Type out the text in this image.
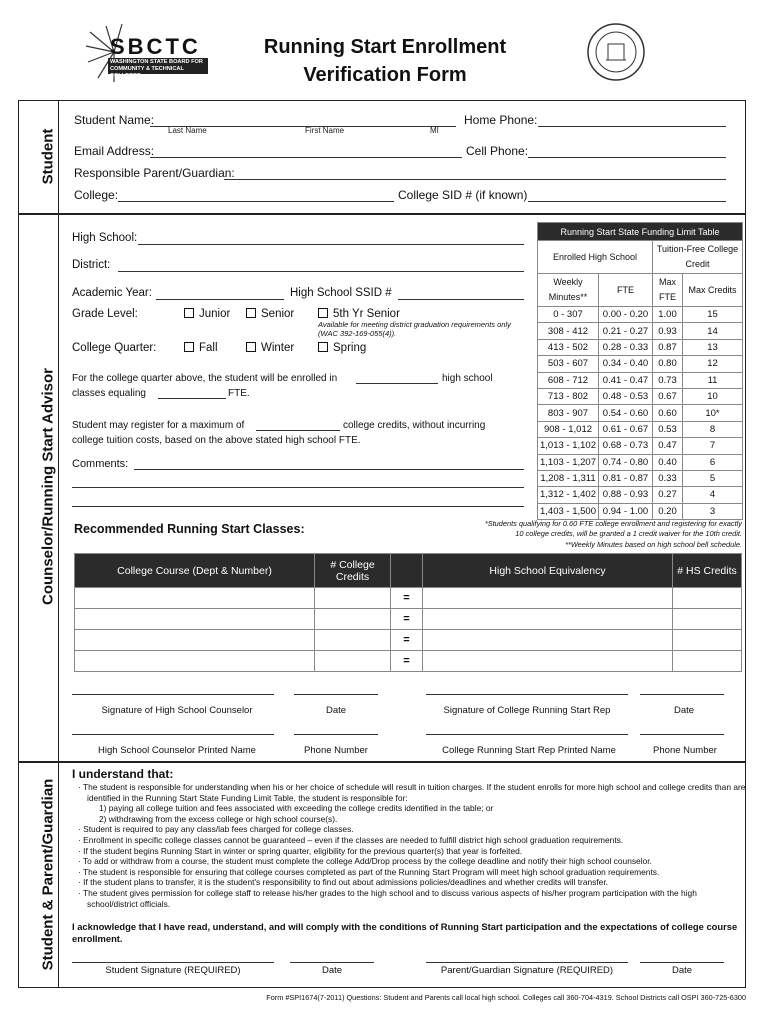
SBCTC
WASHINGTON STATE BOARD FOR COMMUNITY & TECHNICAL COLLEGES
Running Start Enrollment
Verification Form
Student
Student Name:
Last Name	First Name	MI
Home Phone:
Email Address:	Cell Phone:
Responsible Parent/Guardian:
College:	College SID # (if known)
Counselor/Running Start Advisor
High School:
District:
Academic Year:	High School SSID #
Grade Level:	Junior	Senior	5th Yr Senior
Available for meeting district graduation requirements only
(WAC 392-169-055(4)).
College Quarter:	Fall	Winter	Spring
For the college quarter above, the student will be enrolled in	high school
classes equaling	FTE.
Student may register for a maximum of	college credits, without incurring
college tuition costs, based on the above stated high school FTE.
Comments:
Running Start State Funding Limit Table			
Enrolled High School		Tuition-Free College Credit	
Weekly Minutes**	FTE	Max FTE	Max Credits
0 - 307	0.00 - 0.20	1.00	15
308 - 412	0.21 - 0.27	0.93	14
413 - 502	0.28 - 0.33	0.87	13
503 - 607	0.34 - 0.40	0.80	12
608 - 712	0.41 - 0.47	0.73	11
713 - 802	0.48 - 0.53	0.67	10
803 - 907	0.54 - 0.60	0.60	10*
908 - 1,012	0.61 - 0.67	0.53	8
1,013 - 1,102	0.68 - 0.73	0.47	7
1,103 - 1,207	0.74 - 0.80	0.40	6
1,208 - 1,311	0.81 - 0.87	0.33	5
1,312 - 1,402	0.88 - 0.93	0.27	4
1,403 - 1,500	0.94 - 1.00	0.20	3
*Students qualifying for 0.60 FTE college enrollment and registering for exactly
10 college credits, will be granted a 1 credit waiver for the 10th credit.
**Weekly Minutes based on high school bell schedule.
Recommended Running Start Classes:
College Course (Dept & Number)	# College Credits		High School Equivalency	# HS Credits
		=		
		=		
		=		
		=		
Signature of High School Counselor	Date	Signature of College Running Start Rep	Date
High School Counselor Printed Name	Phone Number	College Running Start Rep Printed Name	Phone Number
Student & Parent/Guardian
I understand that:
· The student is responsible for understanding when his or her choice of schedule will result in tuition charges. If the student enrolls for more high school and college credits than are identified in the Running Start State Funding Limit Table, the student is responsible for:
1) paying all college tuition and fees associated with exceeding the college credits identified in the table; or
2) withdrawing from the excess college or high school course(s).
· Student is required to pay any class/lab fees charged for college classes.
· Enrollment in specific college classes cannot be guaranteed – even if the classes are needed to fulfill district high school graduation requirements.
· If the student begins Running Start in winter or spring quarter, eligibility for the previous quarter(s) that year is forfeited.
· To add or withdraw from a course, the student must complete the college Add/Drop process by the college deadline and notify their high school counselor.
· The student is responsible for ensuring that college courses completed as part of the Running Start Program will meet high school graduation requirements.
· If the student plans to transfer, it is the student's responsibility to find out about admissions policies/deadlines and whether credits will transfer.
· The student gives permission for college staff to release his/her grades to the high school and to discuss various aspects of his/her program participation with the high school/district officials.
I acknowledge that I have read, understand, and will comply with the conditions of Running Start participation and the expectations of college course enrollment.
Student Signature (REQUIRED)	Date	Parent/Guardian Signature (REQUIRED)	Date
Form #SPI1674(7-2011) Questions: Student and Parents call local high school. Colleges call 360-704-4319. School Districts call OSPI 360-725-6300
